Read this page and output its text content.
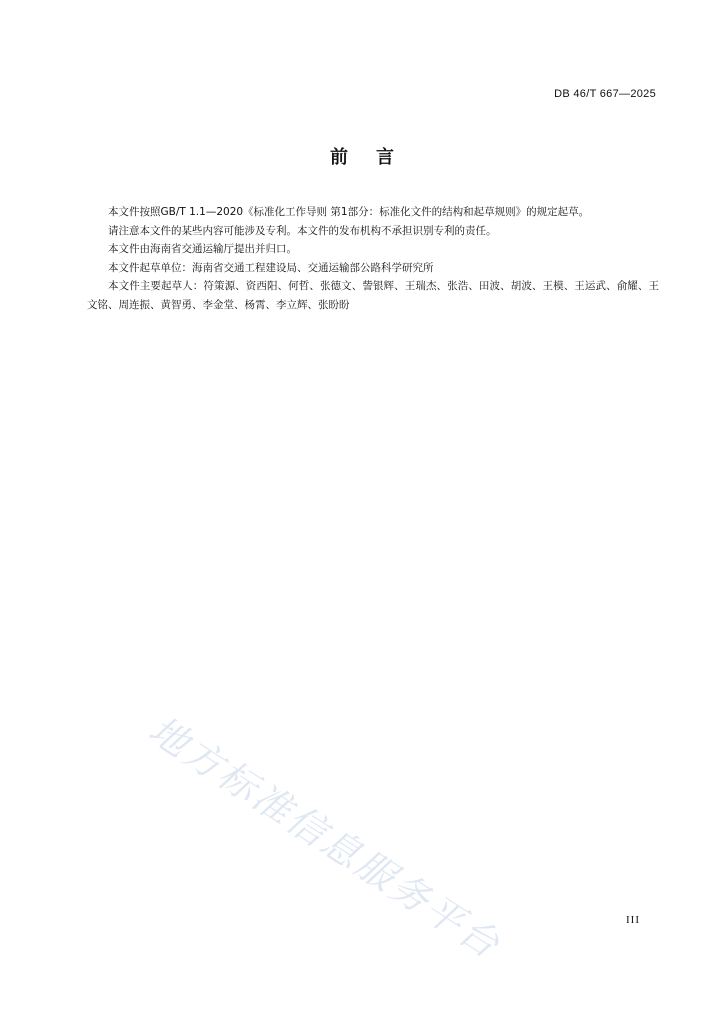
DB 46/T 667—2025
前言

本文件按照GB/T 1.1—2020《标准化工作导则 第1部分：标准化文件的结构和起草规则》的规定起草。

请注意本文件的某些内容可能涉及专利。本文件的发布机构不承担识别专利的责任。

本文件由海南省交通运输厅提出并归口。

本文件起草单位：海南省交通工程建设局、交通运输部公路科学研究所

本文件主要起草人：符策源、资西阳、何哲、张德文、訾银辉、王瑞杰、张浩、田波、胡波、王模、王运武、俞耀、王文铭、周连振、黄智勇、李金堂、杨霄、李立辉、张盼盼

地方标准信息服务平台	III
